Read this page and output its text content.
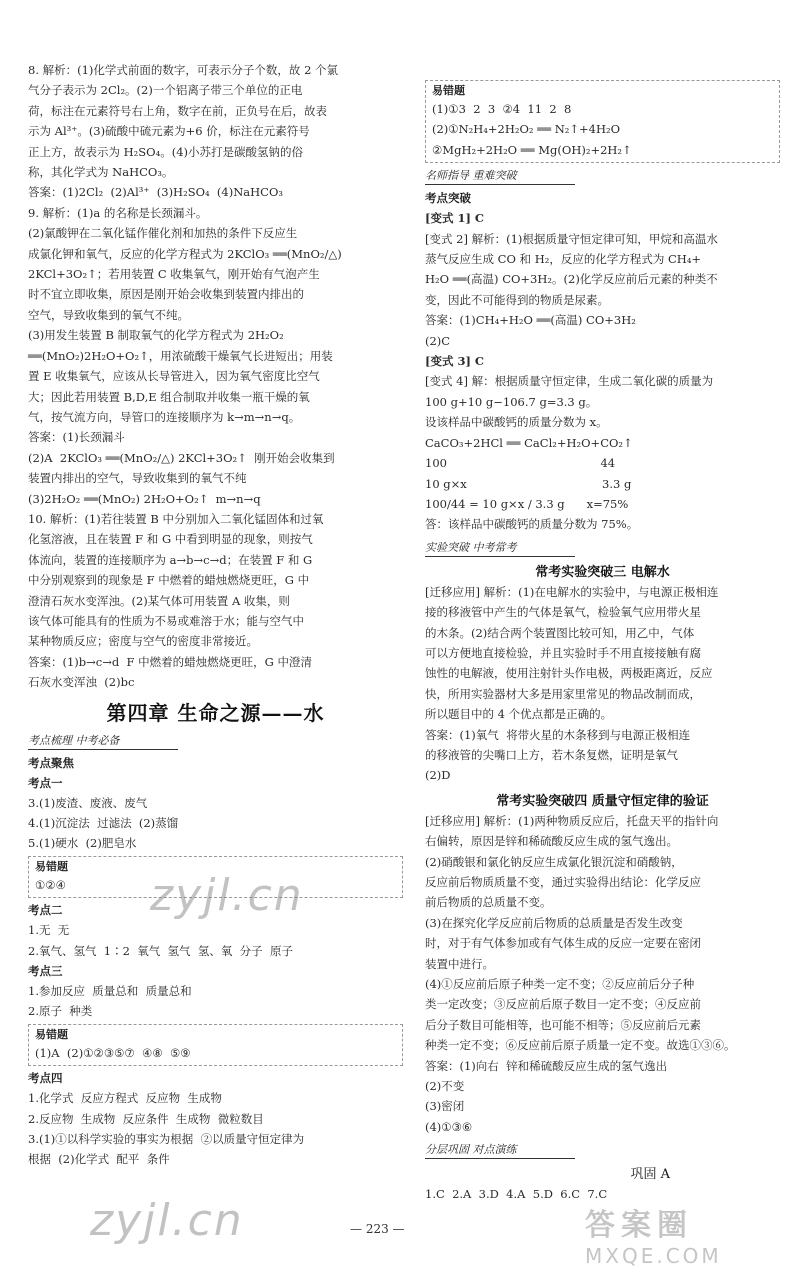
8. 解析：(1)化学式前面的数字，可表示分子个数，故 2 个氯
气分子表示为 2Cl₂。(2)一个铝离子带三个单位的正电
荷，标注在元素符号右上角，数字在前，正负号在后，故表
示为 Al³⁺。(3)硫酸中硫元素为+6 价，标注在元素符号
正上方，故表示为 H₂SO₄。(4)小苏打是碳酸氢钠的俗
称，其化学式为 NaHCO₃。
答案：(1)2Cl₂  (2)Al³⁺  (3)H₂SO₄  (4)NaHCO₃
9. 解析：(1)a 的名称是长颈漏斗。
(2)氯酸钾在二氧化锰作催化剂和加热的条件下反应生
成氯化钾和氧气，反应的化学方程式为 2KClO₃ ══(MnO₂/△)
2KCl+3O₂↑；若用装置 C 收集氧气，刚开始有气泡产生
时不宜立即收集，原因是刚开始会收集到装置内排出的
空气，导致收集到的氧气不纯。
(3)用发生装置 B 制取氧气的化学方程式为 2H₂O₂
══(MnO₂)2H₂O+O₂↑，用浓硫酸干燥氧气长进短出；用装
置 E 收集氧气，应该从长导管进入，因为氧气密度比空气
大；因此若用装置 B,D,E 组合制取并收集一瓶干燥的氧
气，按气流方向，导管口的连接顺序为 k→m→n→q。
答案：(1)长颈漏斗
(2)A  2KClO₃ ══(MnO₂/△) 2KCl+3O₂↑  刚开始会收集到
装置内排出的空气，导致收集到的氧气不纯
(3)2H₂O₂ ══(MnO₂) 2H₂O+O₂↑  m→n→q
10. 解析：(1)若往装置 B 中分别加入二氧化锰固体和过氧
化氢溶液，且在装置 F 和 G 中看到明显的现象，则按气
体流向，装置的连接顺序为 a→b→c→d；在装置 F 和 G
中分别观察到的现象是 F 中燃着的蜡烛燃烧更旺，G 中
澄清石灰水变浑浊。(2)某气体可用装置 A 收集，则
该气体可能具有的性质为不易或难溶于水；能与空气中
某种物质反应；密度与空气的密度非常接近。
答案：(1)b→c→d  F 中燃着的蜡烛燃烧更旺，G 中澄清
石灰水变浑浊  (2)bc
第四章 生命之源——水
考点梳理 中考必备
考点聚焦
考点一
3.(1)废渣、废液、废气
4.(1)沉淀法  过滤法  (2)蒸馏
5.(1)硬水  (2)肥皂水
易错题
①②④
考点二
1.无  无
2.氧气、氢气  1∶2  氧气  氢气  氢、氧  分子  原子
考点三
1.参加反应  质量总和  质量总和
2.原子  种类
易错题
(1)A  (2)①②③⑤⑦  ④⑧  ⑤⑨
考点四
1.化学式  反应方程式  反应物  生成物
2.反应物  生成物  反应条件  生成物  微粒数目
3.(1)①以科学实验的事实为根据  ②以质量守恒定律为
根据  (2)化学式  配平  条件
易错题
(1)①3  2  3  ②4  11  2  8
(2)①N₂H₄+2H₂O₂ ══ N₂↑+4H₂O
②MgH₂+2H₂O ══ Mg(OH)₂+2H₂↑
名师指导 重难突破
考点突破
[变式 1] C
[变式 2] 解析：(1)根据质量守恒定律可知，甲烷和高温水
蒸气反应生成 CO 和 H₂，反应的化学方程式为 CH₄+
H₂O ══(高温) CO+3H₂。(2)化学反应前后元素的种类不
变，因此不可能得到的物质是尿素。
答案：(1)CH₄+H₂O ══(高温) CO+3H₂
(2)C
[变式 3] C
[变式 4] 解：根据质量守恒定律，生成二氧化碳的质量为
100 g+10 g−106.7 g=3.3 g。
设该样品中碳酸钙的质量分数为 x。
CaCO₃+2HCl ══ CaCl₂+H₂O+CO₂↑
100                                          44
10 g×x                                     3.3 g
100/44 = 10 g×x / 3.3 g      x=75%
答：该样品中碳酸钙的质量分数为 75%。
实验突破 中考常考
常考实验突破三 电解水
[迁移应用] 解析：(1)在电解水的实验中，与电源正极相连
接的移液管中产生的气体是氧气，检验氧气应用带火星
的木条。(2)结合两个装置图比较可知，用乙中，气体
可以方便地直接检验，并且实验时手不用直接接触有腐
蚀性的电解液，使用注射针头作电极，两极距离近，反应
快，所用实验器材大多是用家里常见的物品改制而成，
所以题目中的 4 个优点都是正确的。
答案：(1)氧气  将带火星的木条移到与电源正极相连
的移液管的尖嘴口上方，若木条复燃，证明是氧气
(2)D
常考实验突破四 质量守恒定律的验证
[迁移应用] 解析：(1)两种物质反应后，托盘天平的指针向
右偏转，原因是锌和稀硫酸反应生成的氢气逸出。
(2)硝酸银和氯化钠反应生成氯化银沉淀和硝酸钠，
反应前后物质质量不变，通过实验得出结论：化学反应
前后物质的总质量不变。
(3)在探究化学反应前后物质的总质量是否发生改变
时，对于有气体参加或有气体生成的反应一定要在密闭
装置中进行。
(4)①反应前后原子种类一定不变；②反应前后分子种
类一定改变；③反应前后原子数目一定不变；④反应前
后分子数目可能相等，也可能不相等；⑤反应前后元素
种类一定不变；⑥反应前后原子质量一定不变。故选①③⑥。
答案：(1)向右  锌和稀硫酸反应生成的氢气逸出
(2)不变
(3)密闭
(4)①③⑥
分层巩固 对点演练
巩固 A
1.C  2.A  3.D  4.A  5.D  6.C  7.C
— 223 —
zyjl.cn
zyjl.cn	答案圈
MXQE.COM
